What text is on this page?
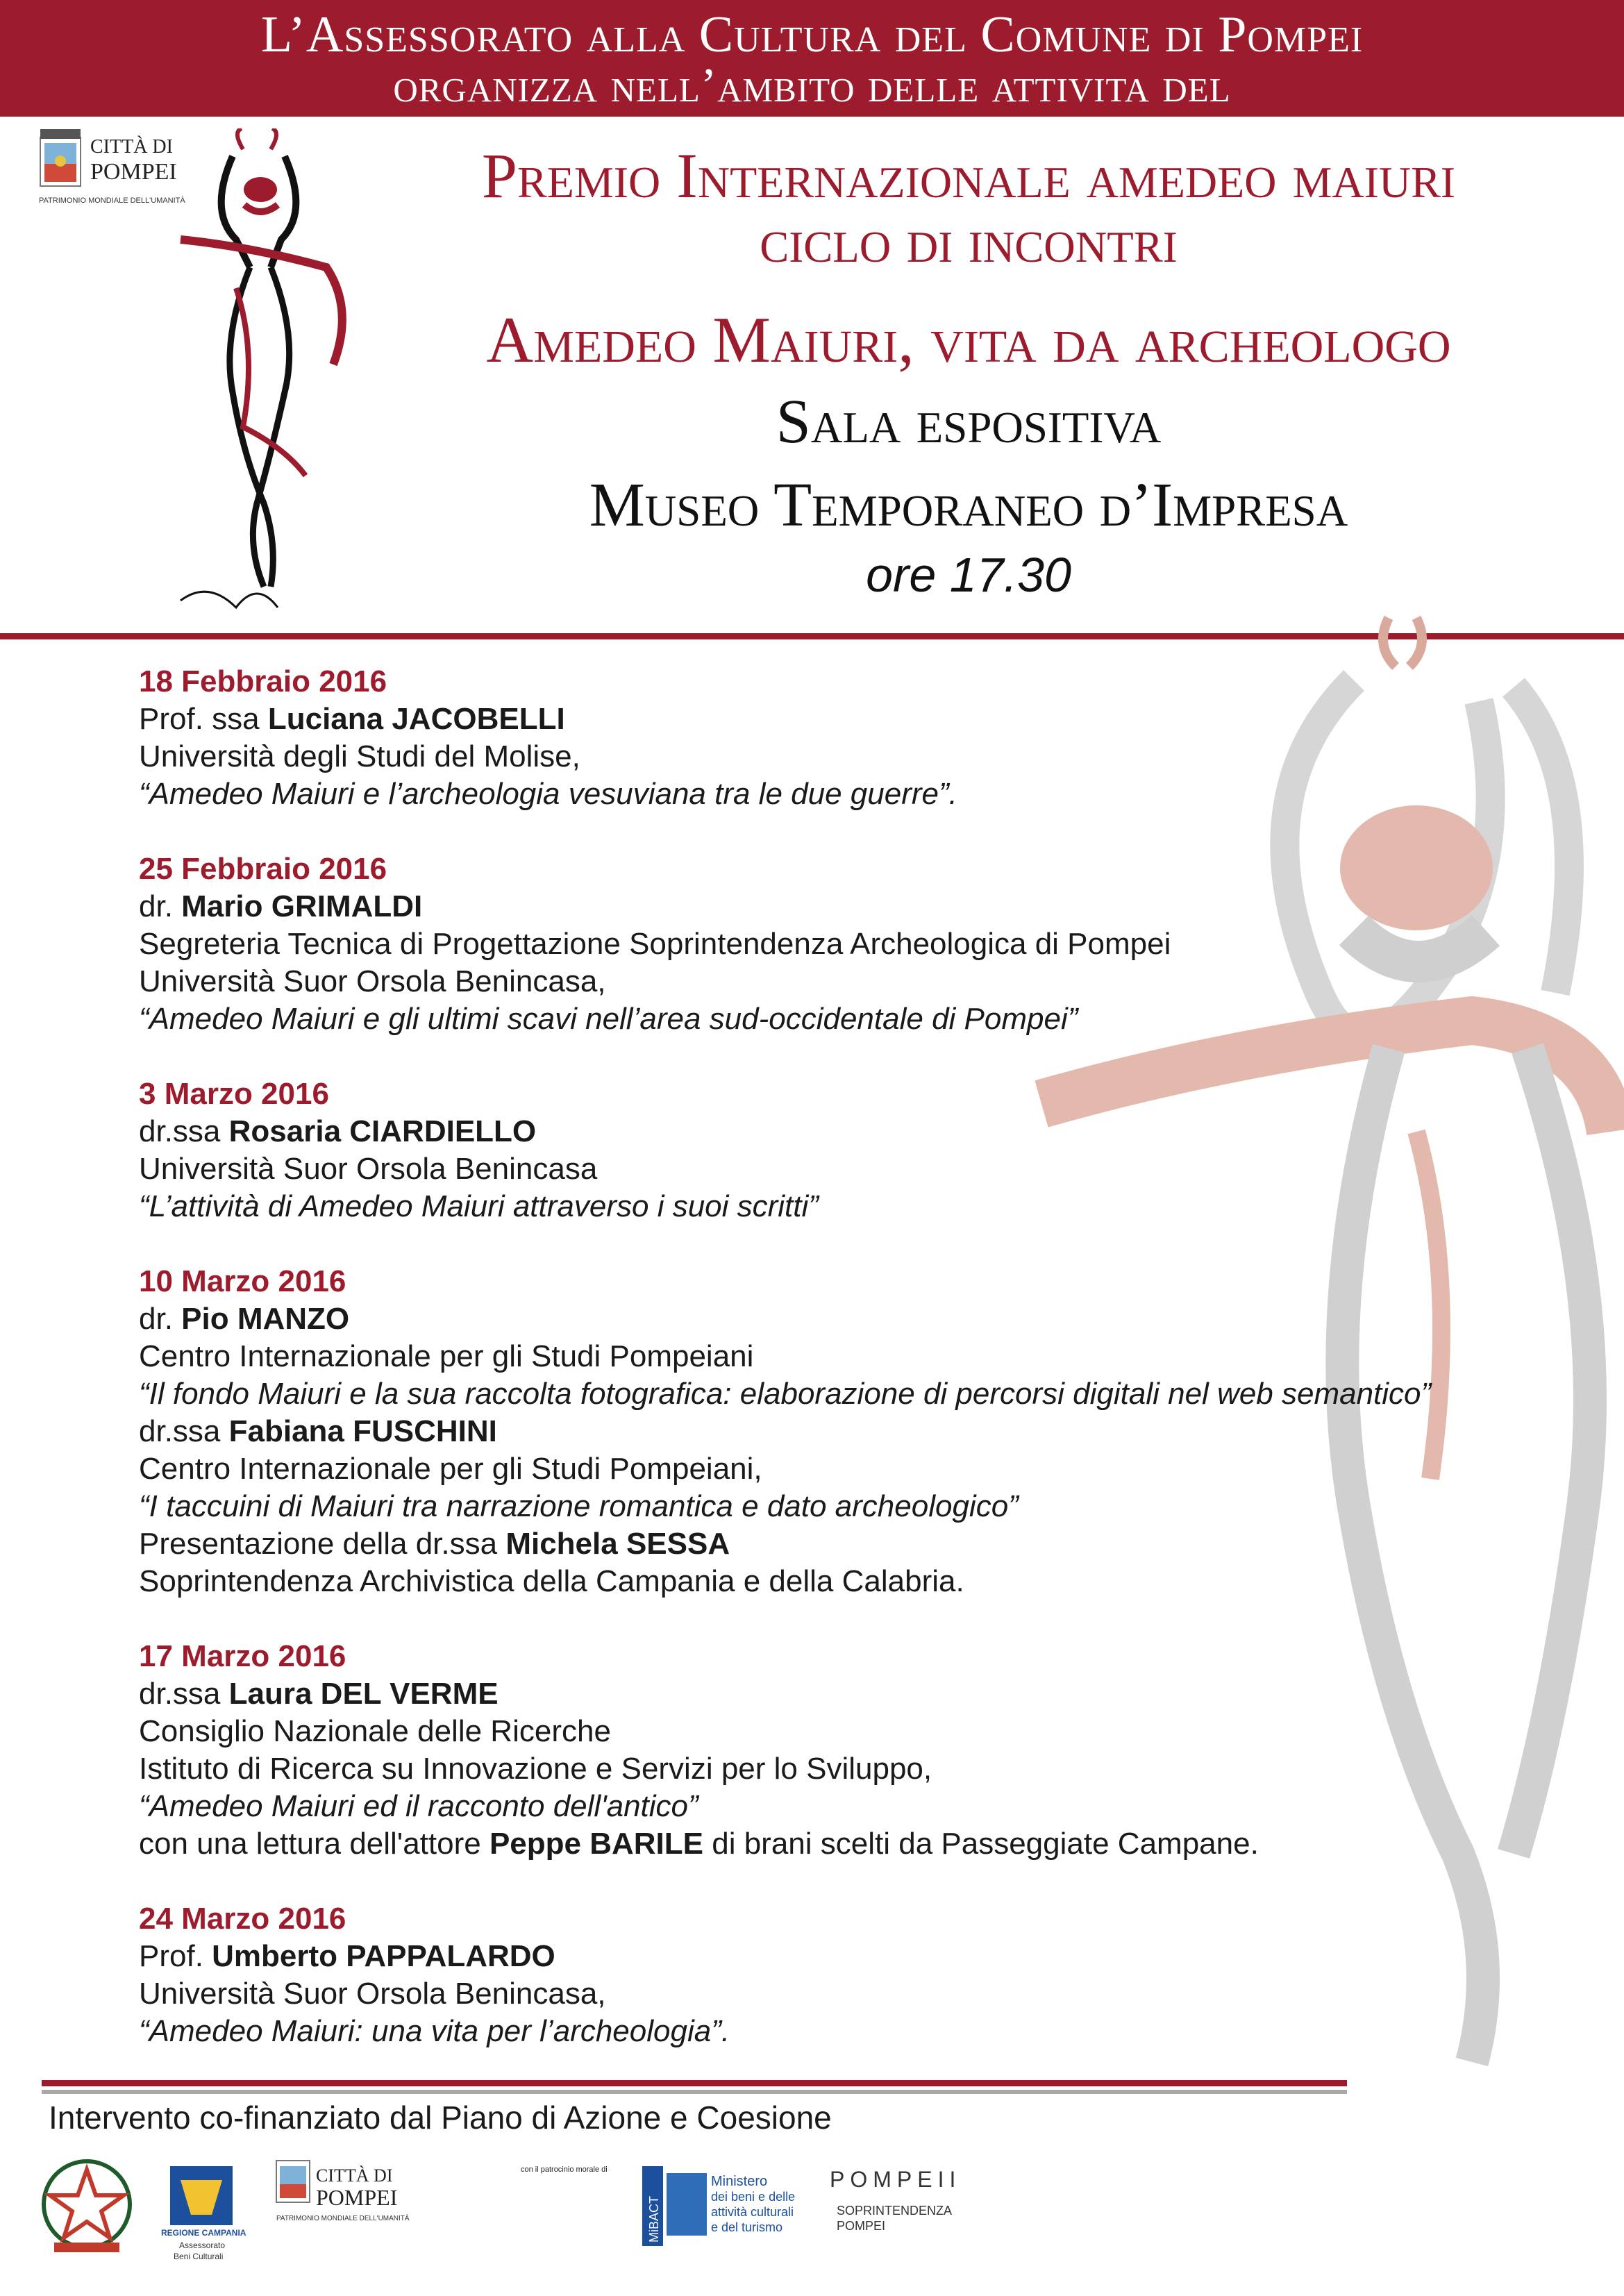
L’Assessorato alla Cultura del Comune di Pompei
organizza nell’ambito delle attivita del
CITTÀ DI
POMPEI
PATRIMONIO MONDIALE DELL'UMANITÀ	Premio Internazionale amedeo maiuri
ciclo di incontri
Amedeo Maiuri, vita da archeologo
Sala espositiva
Museo Temporaneo d’Impresa
ore 17.30
18 Febbraio 2016
Prof. ssa Luciana JACOBELLI
Università degli Studi del Molise,
“Amedeo Maiuri e l’archeologia vesuviana tra le due guerre”.
25 Febbraio 2016
dr. Mario GRIMALDI
Segreteria Tecnica di Progettazione Soprintendenza Archeologica di Pompei
Università Suor Orsola Benincasa,
“Amedeo Maiuri e gli ultimi scavi nell’area sud-occidentale di Pompei”
3 Marzo 2016
dr.ssa Rosaria CIARDIELLO
Università Suor Orsola Benincasa
“L’attività di Amedeo Maiuri attraverso i suoi scritti”
10 Marzo 2016
dr. Pio MANZO
Centro Internazionale per gli Studi Pompeiani
“Il fondo Maiuri e la sua raccolta fotografica: elaborazione di percorsi digitali nel web semantico”
dr.ssa Fabiana FUSCHINI
Centro Internazionale per gli Studi Pompeiani,
“I taccuini di Maiuri tra narrazione romantica e dato archeologico”
Presentazione della dr.ssa Michela SESSA
Soprintendenza Archivistica della Campania e della Calabria.
17 Marzo 2016
dr.ssa Laura DEL VERME
Consiglio Nazionale delle Ricerche
Istituto di Ricerca su Innovazione e Servizi per lo Sviluppo,
“Amedeo Maiuri ed il racconto dell'antico”
con una lettura dell'attore Peppe BARILE di brani scelti da Passeggiate Campane.
24 Marzo 2016
Prof. Umberto PAPPALARDO
Università Suor Orsola Benincasa,
“Amedeo Maiuri: una vita per l’archeologia”.
Intervento co-finanziato dal Piano di Azione e Coesione
REGIONE CAMPANIA
Assessorato
Beni Culturali
CITTÀ DI
POMPEI
PATRIMONIO MONDIALE DELL'UMANITÀ
con il patrocinio morale di
MiBACT
Ministero
dei beni e delle
attività culturali
e del turismo
POMPEII
SOPRINTENDENZA
POMPEI
